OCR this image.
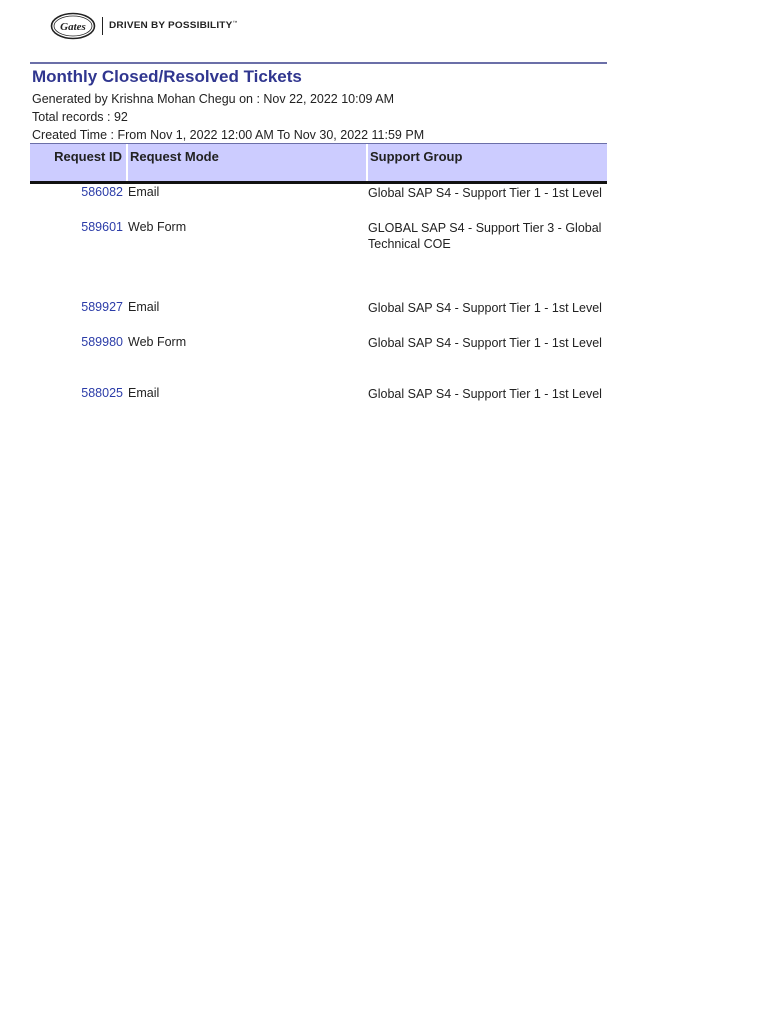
Gates DRIVEN BY POSSIBILITY™
Monthly Closed/Resolved Tickets
Generated by Krishna Mohan Chegu on : Nov 22, 2022 10:09 AM
Total records : 92
Created Time : From Nov 1, 2022 12:00 AM To Nov 30, 2022 11:59 PM
Request ID Request Mode	Support Group
586082 Email	Global SAP S4 - Support Tier 1 - 1st Level
589601 Web Form	GLOBAL SAP S4 - Support Tier 3 - Global Technical COE
589927 Email	Global SAP S4 - Support Tier 1 - 1st Level
589980 Web Form	Global SAP S4 - Support Tier 1 - 1st Level
588025 Email	Global SAP S4 - Support Tier 1 - 1st Level
